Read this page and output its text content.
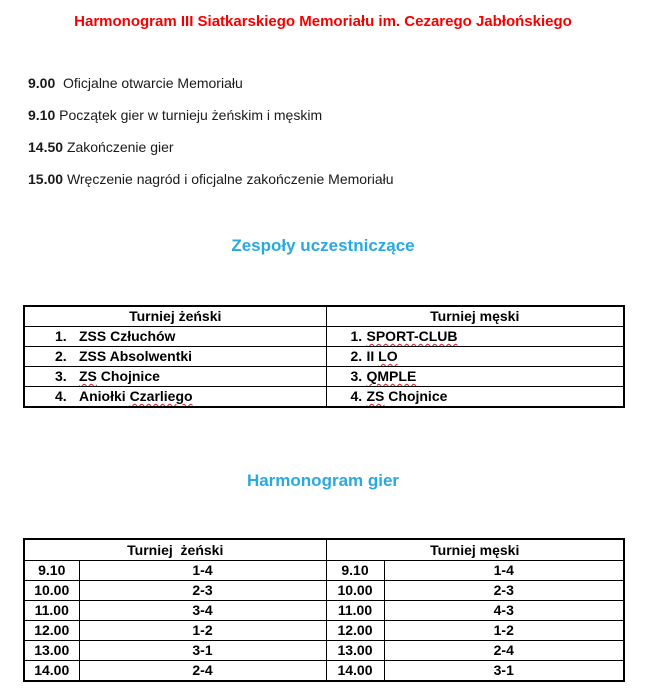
Harmonogram III Siatkarskiego Memoriału im. Cezarego Jabłońskiego
9.00 Oficjalne otwarcie Memoriału
9.10 Początek gier w turnieju żeńskim i męskim
14.50 Zakończenie gier
15.00 Wręczenie nagród i oficjalne zakończenie Memoriału
Zespoły uczestniczące
Turniej żeński	Turniej męski
1. ZSS Człuchów	1. SPORT-CLUB
2. ZSS Absolwentki	2. II LO
3. ZS Chojnice	3. QMPLE
4. Aniołki Czarliego	4. ZS Chojnice
Harmonogram gier
Turniej  żeński		Turniej męski	
9.10	1-4	9.10	1-4
10.00	2-3	10.00	2-3
11.00	3-4	11.00	4-3
12.00	1-2	12.00	1-2
13.00	3-1	13.00	2-4
14.00	2-4	14.00	3-1
